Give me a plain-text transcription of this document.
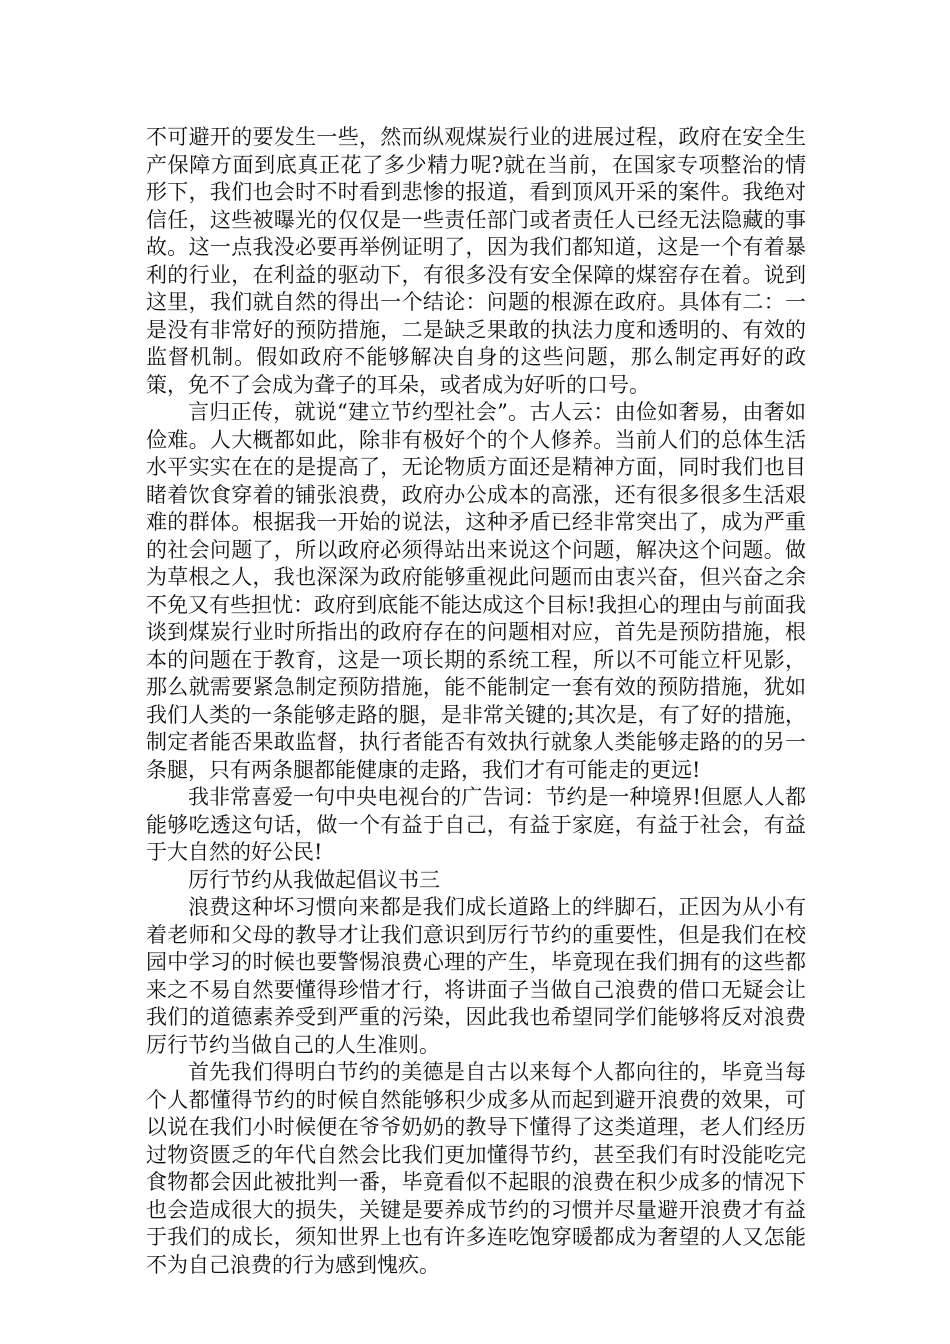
不可避开的要发生一些，然而纵观煤炭行业的进展过程，政府在安全生产保障方面到底真正花了多少精力呢?就在当前，在国家专项整治的情形下，我们也会时不时看到悲惨的报道，看到顶风开采的案件。我绝对信任，这些被曝光的仅仅是一些责任部门或者责任人已经无法隐藏的事故。这一点我没必要再举例证明了，因为我们都知道，这是一个有着暴利的行业，在利益的驱动下，有很多没有安全保障的煤窑存在着。说到这里，我们就自然的得出一个结论：问题的根源在政府。具体有二：一是没有非常好的预防措施，二是缺乏果敢的执法力度和透明的、有效的监督机制。假如政府不能够解决自身的这些问题，那么制定再好的政策，免不了会成为聋子的耳朵，或者成为好听的口号。

言归正传，就说“建立节约型社会”。古人云：由俭如奢易，由奢如俭难。人大概都如此，除非有极好个的个人修养。当前人们的总体生活水平实实在在的是提高了，无论物质方面还是精神方面，同时我们也目睹着饮食穿着的铺张浪费，政府办公成本的高涨，还有很多很多生活艰难的群体。根据我一开始的说法，这种矛盾已经非常突出了，成为严重的社会问题了，所以政府必须得站出来说这个问题，解决这个问题。做为草根之人，我也深深为政府能够重视此问题而由衷兴奋，但兴奋之余不免又有些担忧：政府到底能不能达成这个目标!我担心的理由与前面我谈到煤炭行业时所指出的政府存在的问题相对应，首先是预防措施，根本的问题在于教育，这是一项长期的系统工程，所以不可能立杆见影，那么就需要紧急制定预防措施，能不能制定一套有效的预防措施，犹如我们人类的一条能够走路的腿，是非常关键的;其次是，有了好的措施，制定者能否果敢监督，执行者能否有效执行就象人类能够走路的的另一条腿，只有两条腿都能健康的走路，我们才有可能走的更远!

我非常喜爱一句中央电视台的广告词：节约是一种境界!但愿人人都能够吃透这句话，做一个有益于自己，有益于家庭，有益于社会，有益于大自然的好公民!

厉行节约从我做起倡议书三

浪费这种坏习惯向来都是我们成长道路上的绊脚石，正因为从小有着老师和父母的教导才让我们意识到厉行节约的重要性，但是我们在校园中学习的时候也要警惕浪费心理的产生，毕竟现在我们拥有的这些都来之不易自然要懂得珍惜才行，将讲面子当做自己浪费的借口无疑会让我们的道德素养受到严重的污染，因此我也希望同学们能够将反对浪费厉行节约当做自己的人生准则。

首先我们得明白节约的美德是自古以来每个人都向往的，毕竟当每个人都懂得节约的时候自然能够积少成多从而起到避开浪费的效果，可以说在我们小时候便在爷爷奶奶的教导下懂得了这类道理，老人们经历过物资匮乏的年代自然会比我们更加懂得节约，甚至我们有时没能吃完食物都会因此被批判一番，毕竟看似不起眼的浪费在积少成多的情况下也会造成很大的损失，关键是要养成节约的习惯并尽量避开浪费才有益于我们的成长，须知世界上也有许多连吃饱穿暖都成为奢望的人又怎能不为自己浪费的行为感到愧疚。
